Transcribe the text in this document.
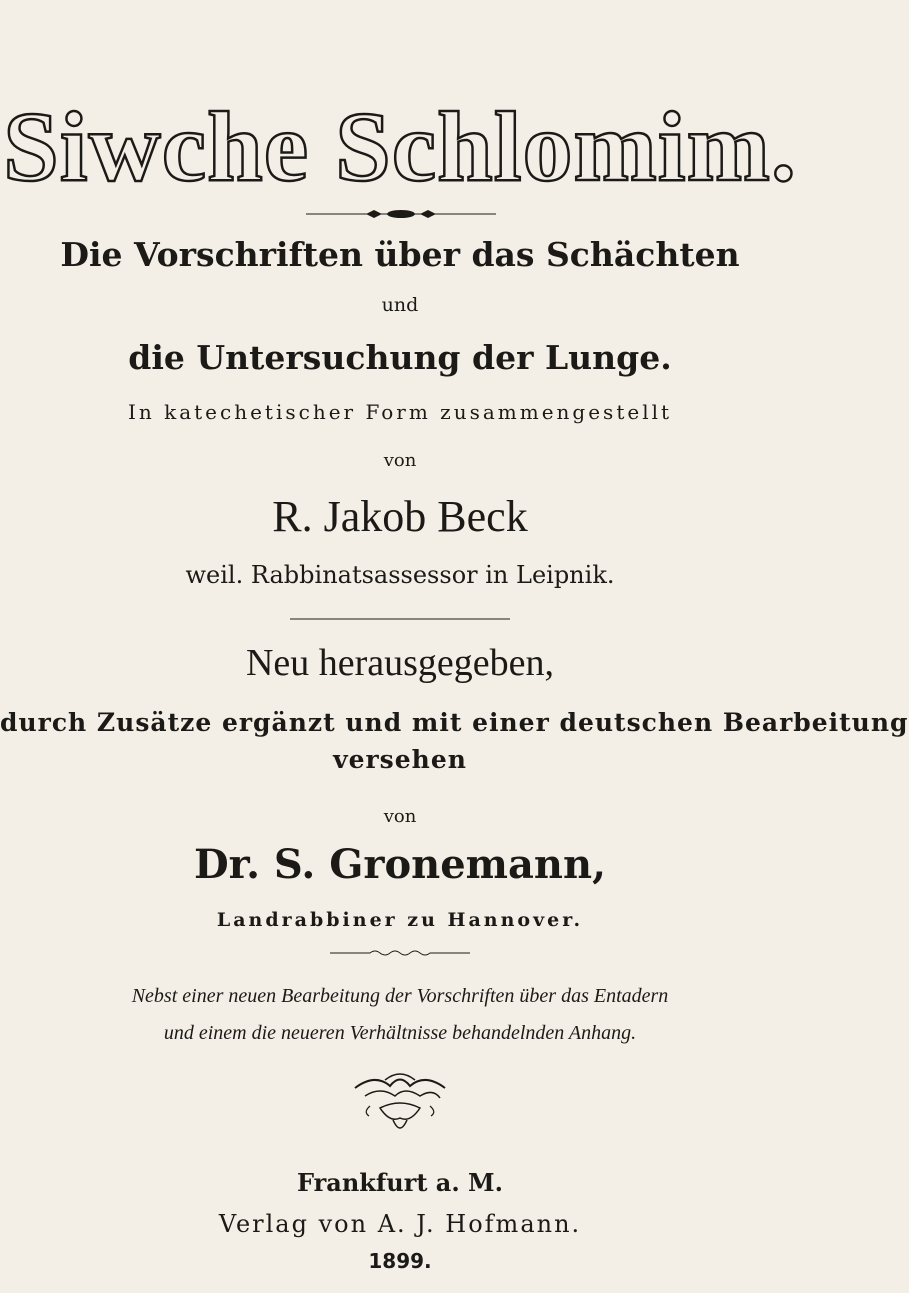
Siwche Schlomim.
Die Vorschriften über das Schächten
und
die Untersuchung der Lunge.
In katechetischer Form zusammengestellt
von
R. Jakob Beck
weil. Rabbinatsassessor in Leipnik.
Neu herausgegeben,
durch Zusätze ergänzt und mit einer deutschen Bearbeitung
versehen
von
Dr. S. Gronemann,
Landrabbiner zu Hannover.
Nebst einer neuen Bearbeitung der Vorschriften über das Entadern
und einem die neueren Verhältnisse behandelnden Anhang.
Frankfurt a. M.
Verlag von A. J. Hofmann.
1899.
